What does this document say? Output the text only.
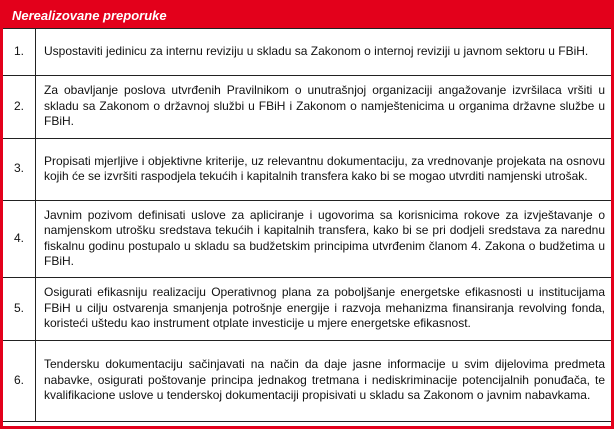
Nerealizovane preporuke
1.	Uspostaviti jedinicu za internu reviziju u skladu sa Zakonom o internoj reviziji u javnom sektoru u FBiH.
2.	Za obavljanje poslova utvrđenih Pravilnikom o unutrašnjoj organizaciji angažovanje izvršilaca vršiti u skladu sa Zakonom o državnoj službi u FBiH i Zakonom o namještenicima u organima državne službe u FBiH.
3.	Propisati mjerljive i objektivne kriterije, uz relevantnu dokumentaciju, za vrednovanje projekata na osnovu kojih će se izvršiti raspodjela tekućih i kapitalnih transfera kako bi se mogao utvrditi namjenski utrošak.
4.	Javnim pozivom definisati uslove za apliciranje i ugovorima sa korisnicima rokove za izvještavanje o namjenskom utrošku sredstava tekućih i kapitalnih transfera, kako bi se pri dodjeli sredstava za narednu fiskalnu godinu postupalo u skladu sa budžetskim principima utvrđenim članom 4. Zakona o budžetima u FBiH.
5.	Osigurati efikasniju realizaciju Operativnog plana za poboljšanje energetske efikasnosti u institucijama FBiH u cilju ostvarenja smanjenja potrošnje energije i razvoja mehanizma finansiranja revolving fonda, koristeći uštedu kao instrument otplate investicije u mjere energetske efikasnost.
6.	Tendersku dokumentaciju sačinjavati na način da daje jasne informacije u svim dijelovima predmeta nabavke, osigurati poštovanje principa jednakog tretmana i nediskriminacije potencijalnih ponuđača, te kvalifikacione uslove u tenderskoj dokumentaciji propisivati u skladu sa Zakonom o javnim nabavkama.
